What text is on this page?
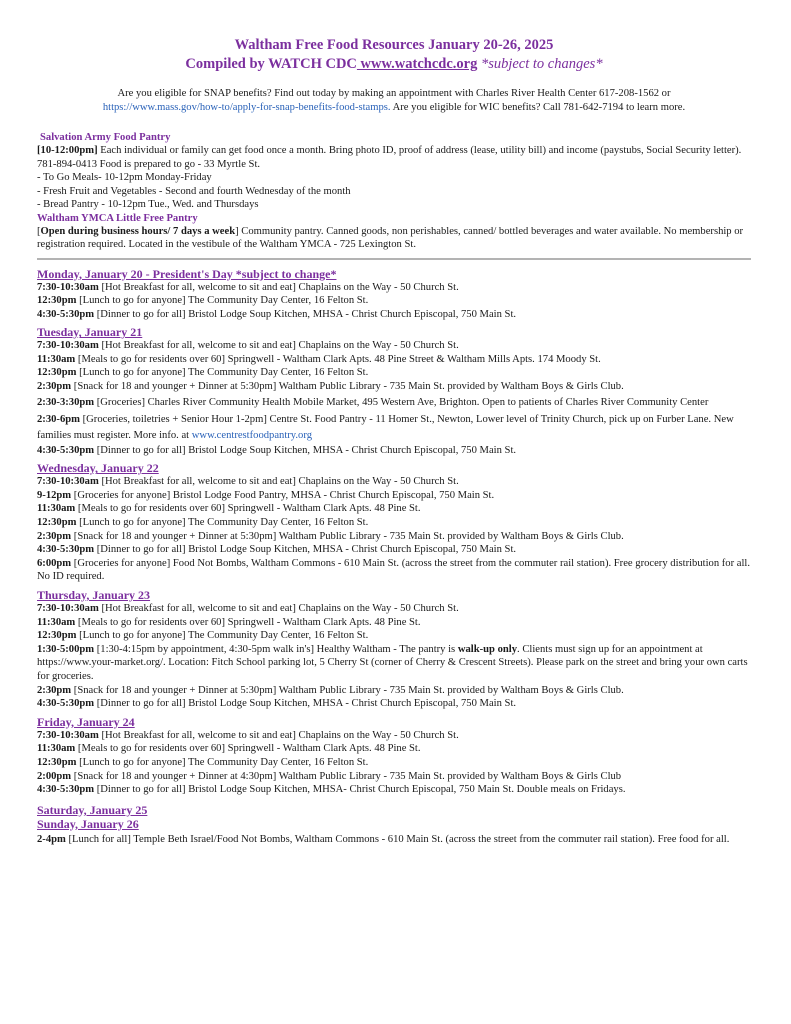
Waltham Free Food Resources January 20-26, 2025
Compiled by WATCH CDC www.watchcdc.org *subject to changes*
Are you eligible for SNAP benefits? Find out today by making an appointment with Charles River Health Center 617-208-1562 or
https://www.mass.gov/how-to/apply-for-snap-benefits-food-stamps. Are you eligible for WIC benefits? Call 781-642-7194 to learn more.
Salvation Army Food Pantry
[10-12:00pm] Each individual or family can get food once a month. Bring photo ID, proof of address (lease, utility bill) and income (paystubs, Social Security letter). 781-894-0413 Food is prepared to go - 33 Myrtle St.
- To Go Meals- 10-12pm Monday-Friday
- Fresh Fruit and Vegetables - Second and fourth Wednesday of the month
- Bread Pantry - 10-12pm Tue., Wed. and Thursdays
Waltham YMCA Little Free Pantry
[Open during business hours/ 7 days a week] Community pantry. Canned goods, non perishables, canned/ bottled beverages and water available. No membership or registration required. Located in the vestibule of the Waltham YMCA - 725 Lexington St.
Monday, January 20 - President's Day *subject to change*
7:30-10:30am [Hot Breakfast for all, welcome to sit and eat] Chaplains on the Way - 50 Church St.
12:30pm [Lunch to go for anyone] The Community Day Center, 16 Felton St.
4:30-5:30pm [Dinner to go for all] Bristol Lodge Soup Kitchen, MHSA - Christ Church Episcopal, 750 Main St.
Tuesday, January 21
7:30-10:30am [Hot Breakfast for all, welcome to sit and eat] Chaplains on the Way - 50 Church St.
11:30am [Meals to go for residents over 60] Springwell - Waltham Clark Apts. 48 Pine Street & Waltham Mills Apts. 174 Moody St.
12:30pm [Lunch to go for anyone] The Community Day Center, 16 Felton St.
2:30pm [Snack for 18 and younger + Dinner at 5:30pm] Waltham Public Library - 735 Main St. provided by Waltham Boys & Girls Club.
2:30-3:30pm [Groceries] Charles River Community Health Mobile Market, 495 Western Ave, Brighton. Open to patients of Charles River Community Center
2:30-6pm [Groceries, toiletries + Senior Hour 1-2pm] Centre St. Food Pantry - 11 Homer St., Newton, Lower level of Trinity Church, pick up on Furber Lane. New families must register. More info. at www.centrestfoodpantry.org
4:30-5:30pm [Dinner to go for all] Bristol Lodge Soup Kitchen, MHSA - Christ Church Episcopal, 750 Main St.
Wednesday, January 22
7:30-10:30am [Hot Breakfast for all, welcome to sit and eat] Chaplains on the Way - 50 Church St.
9-12pm [Groceries for anyone] Bristol Lodge Food Pantry, MHSA - Christ Church Episcopal, 750 Main St.
11:30am [Meals to go for residents over 60] Springwell - Waltham Clark Apts. 48 Pine St.
12:30pm [Lunch to go for anyone] The Community Day Center, 16 Felton St.
2:30pm [Snack for 18 and younger + Dinner at 5:30pm] Waltham Public Library - 735 Main St. provided by Waltham Boys & Girls Club.
4:30-5:30pm [Dinner to go for all] Bristol Lodge Soup Kitchen, MHSA - Christ Church Episcopal, 750 Main St.
6:00pm [Groceries for anyone] Food Not Bombs, Waltham Commons - 610 Main St. (across the street from the commuter rail station). Free grocery distribution for all. No ID required.
Thursday, January 23
7:30-10:30am [Hot Breakfast for all, welcome to sit and eat] Chaplains on the Way - 50 Church St.
11:30am [Meals to go for residents over 60] Springwell - Waltham Clark Apts. 48 Pine St.
12:30pm [Lunch to go for anyone] The Community Day Center, 16 Felton St.
1:30-5:00pm [1:30-4:15pm by appointment, 4:30-5pm walk in's] Healthy Waltham - The pantry is walk-up only. Clients must sign up for an appointment at https://www.your-market.org/. Location: Fitch School parking lot, 5 Cherry St (corner of Cherry & Crescent Streets). Please park on the street and bring your own carts for groceries.
2:30pm [Snack for 18 and younger + Dinner at 5:30pm] Waltham Public Library - 735 Main St. provided by Waltham Boys & Girls Club.
4:30-5:30pm [Dinner to go for all] Bristol Lodge Soup Kitchen, MHSA - Christ Church Episcopal, 750 Main St.
Friday, January 24
7:30-10:30am [Hot Breakfast for all, welcome to sit and eat] Chaplains on the Way - 50 Church St.
11:30am [Meals to go for residents over 60] Springwell - Waltham Clark Apts. 48 Pine St.
12:30pm [Lunch to go for anyone] The Community Day Center, 16 Felton St.
2:00pm [Snack for 18 and younger + Dinner at 4:30pm] Waltham Public Library - 735 Main St. provided by Waltham Boys & Girls Club
4:30-5:30pm [Dinner to go for all] Bristol Lodge Soup Kitchen, MHSA- Christ Church Episcopal, 750 Main St. Double meals on Fridays.
Saturday, January 25
Sunday, January 26
2-4pm [Lunch for all] Temple Beth Israel/Food Not Bombs, Waltham Commons - 610 Main St. (across the street from the commuter rail station). Free food for all.
